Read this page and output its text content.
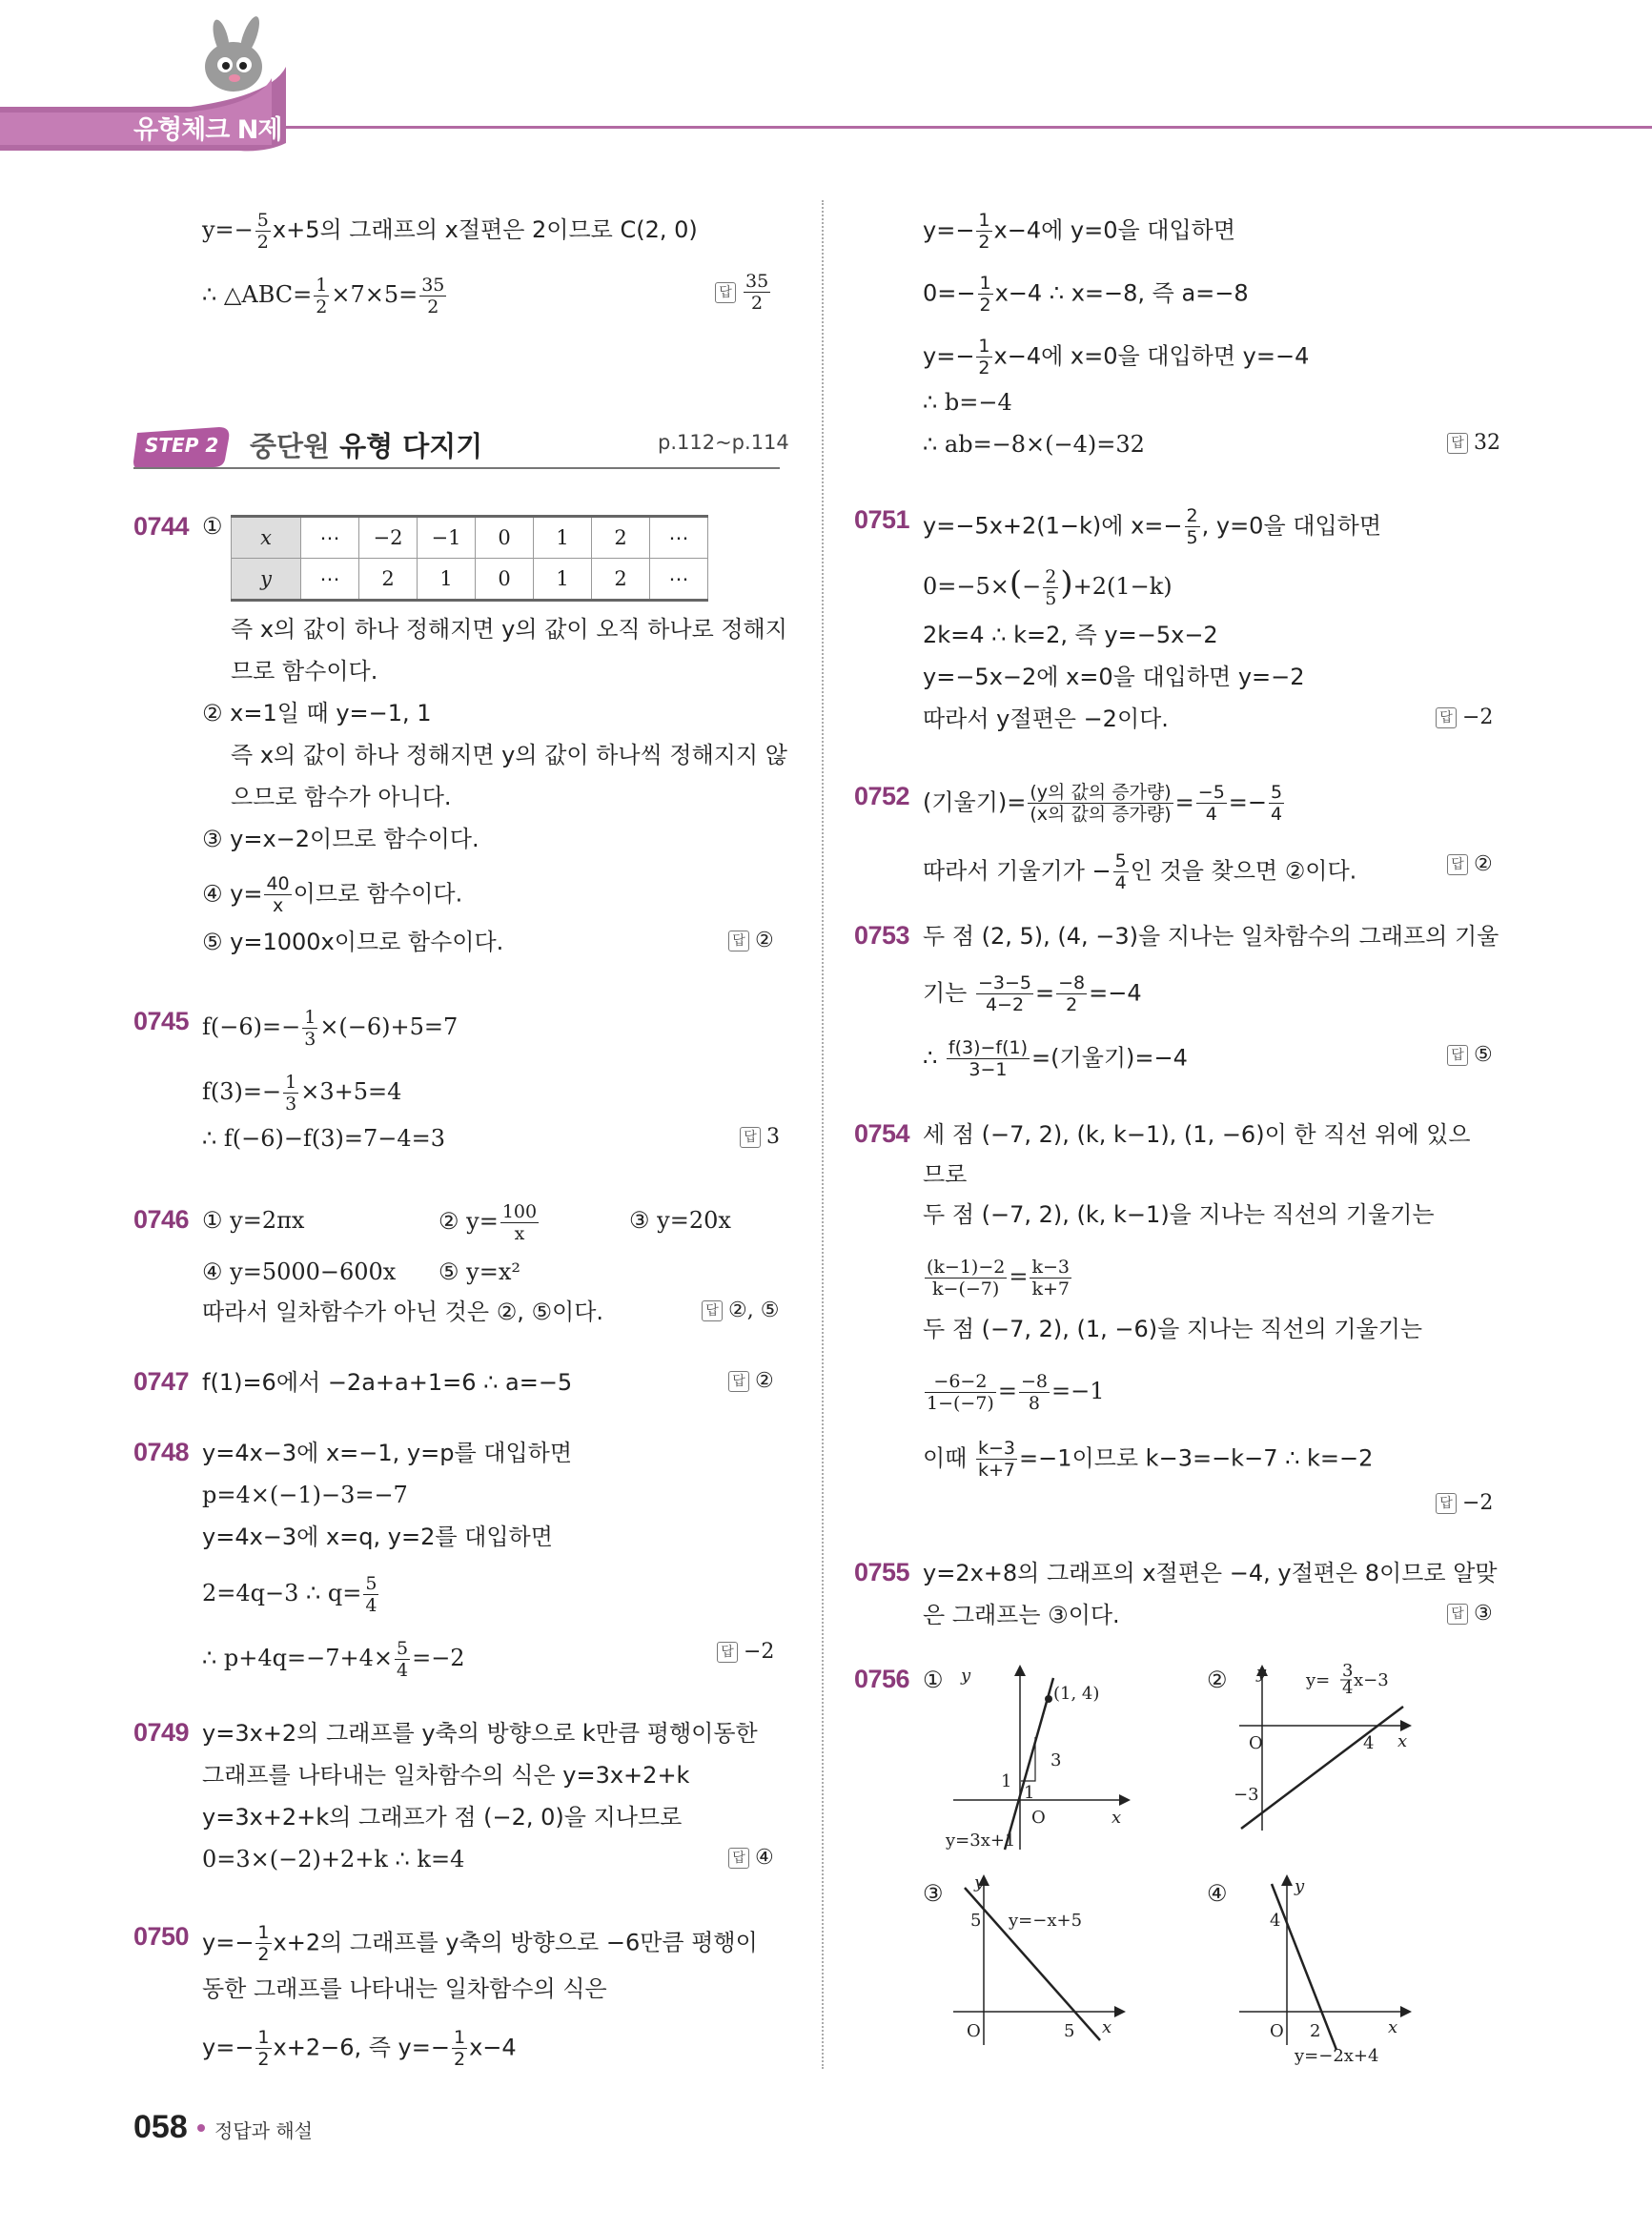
유형체크 N제
$y=- \frac{5}{2} x+5$의 그래프의 x절편은 2이므로 C(2, 0)
∴ △ABC= $\frac{1}{2} \times 7\times 5= \frac{35}{2}$	답 $\frac{35}{2}$
STEP 2 중단원 유형 다지기	p.112~p.114
0744 ① x	⋯	−2	−1	0	1	2	⋯
y	⋯	2	1	0	1	2	⋯
즉 x의 값이 하나 정해지면 y의 값이 오직 하나로 정해지
므로 함수이다.
② x=1일 때 y=−1, 1
즉 x의 값이 하나 정해지면 y의 값이 하나씩 정해지지 않
으므로 함수가 아니다.
③ y=x−2이므로 함수이다.
④ $y= \frac{40}{x}$ 이므로 함수이다.
⑤ y=1000x이므로 함수이다.	답 ②
0745 $f(-6)=- \frac{1}{3} \times(-6)+5=7$
$f(3)=- \frac{1}{3} \times 3+5=4$
∴ f(−6)−f(3)=7−4=3	답 3
0746 ① y=2πx	② $y= \frac{100}{x}$	③ y=20x
④ y=5000−600x ⑤ y=x²
따라서 일차함수가 아닌 것은 ②, ⑤이다.	답 ②, ⑤
0747 f(1)=6에서 −2a+a+1=6 ∴ a=−5	답 ②
0748 y=4x−3에 x=−1, y=p를 대입하면
p=4×(−1)−3=−7
y=4x−3에 x=q, y=2를 대입하면
2=4q−3 ∴ $q= \frac{5}{4}$
∴ $p+4q=-7+4\times \frac{5}{4} =-2$	답 −2
0749 y=3x+2의 그래프를 y축의 방향으로 k만큼 평행이동한
그래프를 나타내는 일차함수의 식은 y=3x+2+k
y=3x+2+k의 그래프가 점 (−2, 0)을 지나므로
0=3×(−2)+2+k ∴ k=4	답 ④
0750 $y=- \frac{1}{2} x+2$의 그래프를 y축의 방향으로 −6만큼 평행이
동한 그래프를 나타내는 일차함수의 식은
$y=- \frac{1}{2} x+2-6$, 즉 $y=- \frac{1}{2} x-4$
$y=- \frac{1}{2} x-4$에 y=0을 대입하면
$0=- \frac{1}{2} x-4$ ∴ x=−8, 즉 a=−8
$y=- \frac{1}{2} x-4$에 x=0을 대입하면 y=−4
∴ b=−4
∴ ab=−8×(−4)=32	답 32
0751 y=−5x+2(1−k)에 $x=- \frac{2}{5}$ , y=0을 대입하면
$0=-5\times(- \frac{2}{5} )+2(1-k)$
2k=4 ∴ k=2, 즉 y=−5x−2
y=−5x−2에 x=0을 대입하면 y=−2
따라서 y절편은 −2이다.	답 −2
0752 (기울기)= $\frac{\text{(y의 값의 증가량)}}{\text{(x의 값의 증가량)}} = \frac{-5}{4} =- \frac{5}{4}$
따라서 기울기가 − $\frac{5}{4}$ 인 것을 찾으면 ②이다.	답 ②
0753 두 점 (2, 5), (4, −3)을 지나는 일차함수의 그래프의 기울
기는 $\frac{-3-5}{4-2} = \frac{-8}{2} =-4$
∴ $\frac{f(3)-f(1)}{3-1}$ =(기울기)=−4	답 ⑤
0754 세 점 (−7, 2), (k, k−1), (1, −6)이 한 직선 위에 있으
므로
두 점 (−7, 2), (k, k−1)을 지나는 직선의 기울기는
$\frac{(k-1)-2}{k-(-7)} = \frac{k-3}{k+7}$
두 점 (−7, 2), (1, −6)을 지나는 직선의 기울기는
$\frac{-6-2}{1-(-7)} = \frac{-8}{8} =-1$
이때 $\frac{k-3}{k+7} =-1$이므로 k−3=−k−7 ∴ k=−2
답 −2
0755 y=2x+8의 그래프의 x절편은 −4, y절편은 8이므로 알맞
은 그래프는 ③이다.	답 ③
0756 ① y
O	x
(1, 4)
3
1
1
y=3x+1
② y
O	x
4
−3
y= 3
4 x−3
③ y
O	x
5
5
y=−x+5
④	y
O	x
4
2
y=−2x+4
058 정답과 해설
